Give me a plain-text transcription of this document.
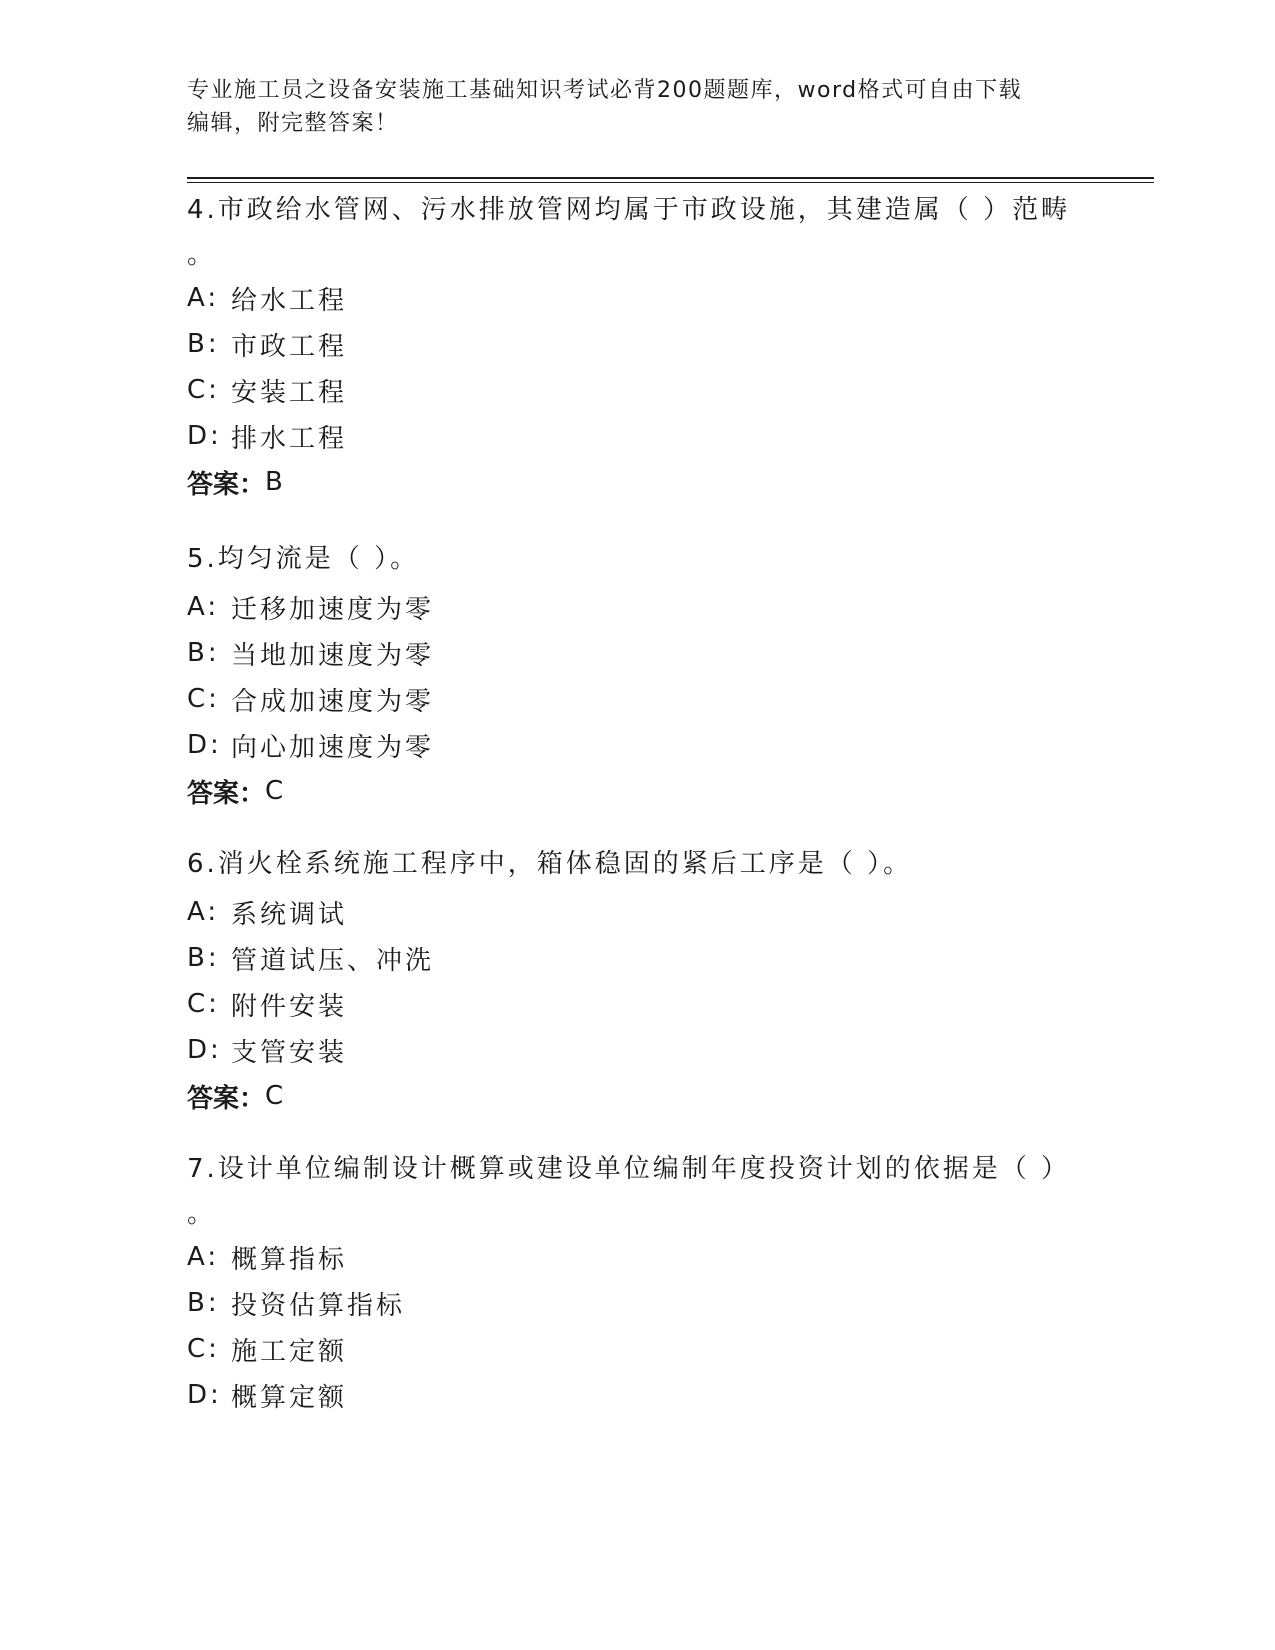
专业施工员之设备安装施工基础知识考试必背200题题库，word格式可自由下载
编辑，附完整答案！

4.市政给水管网、污水排放管网均属于市政设施，其建造属（ ）范畴

。

A: 给水工程
B: 市政工程
C: 安装工程
D: 排水工程
答案： B

5.均匀流是（ ）。

A: 迁移加速度为零
B: 当地加速度为零
C: 合成加速度为零
D: 向心加速度为零
答案： C

6.消火栓系统施工程序中，箱体稳固的紧后工序是（ ）。

A: 系统调试
B: 管道试压、冲洗
C: 附件安装
D: 支管安装
答案： C

7.设计单位编制设计概算或建设单位编制年度投资计划的依据是（ ）

。

A: 概算指标
B: 投资估算指标
C: 施工定额
D: 概算定额
